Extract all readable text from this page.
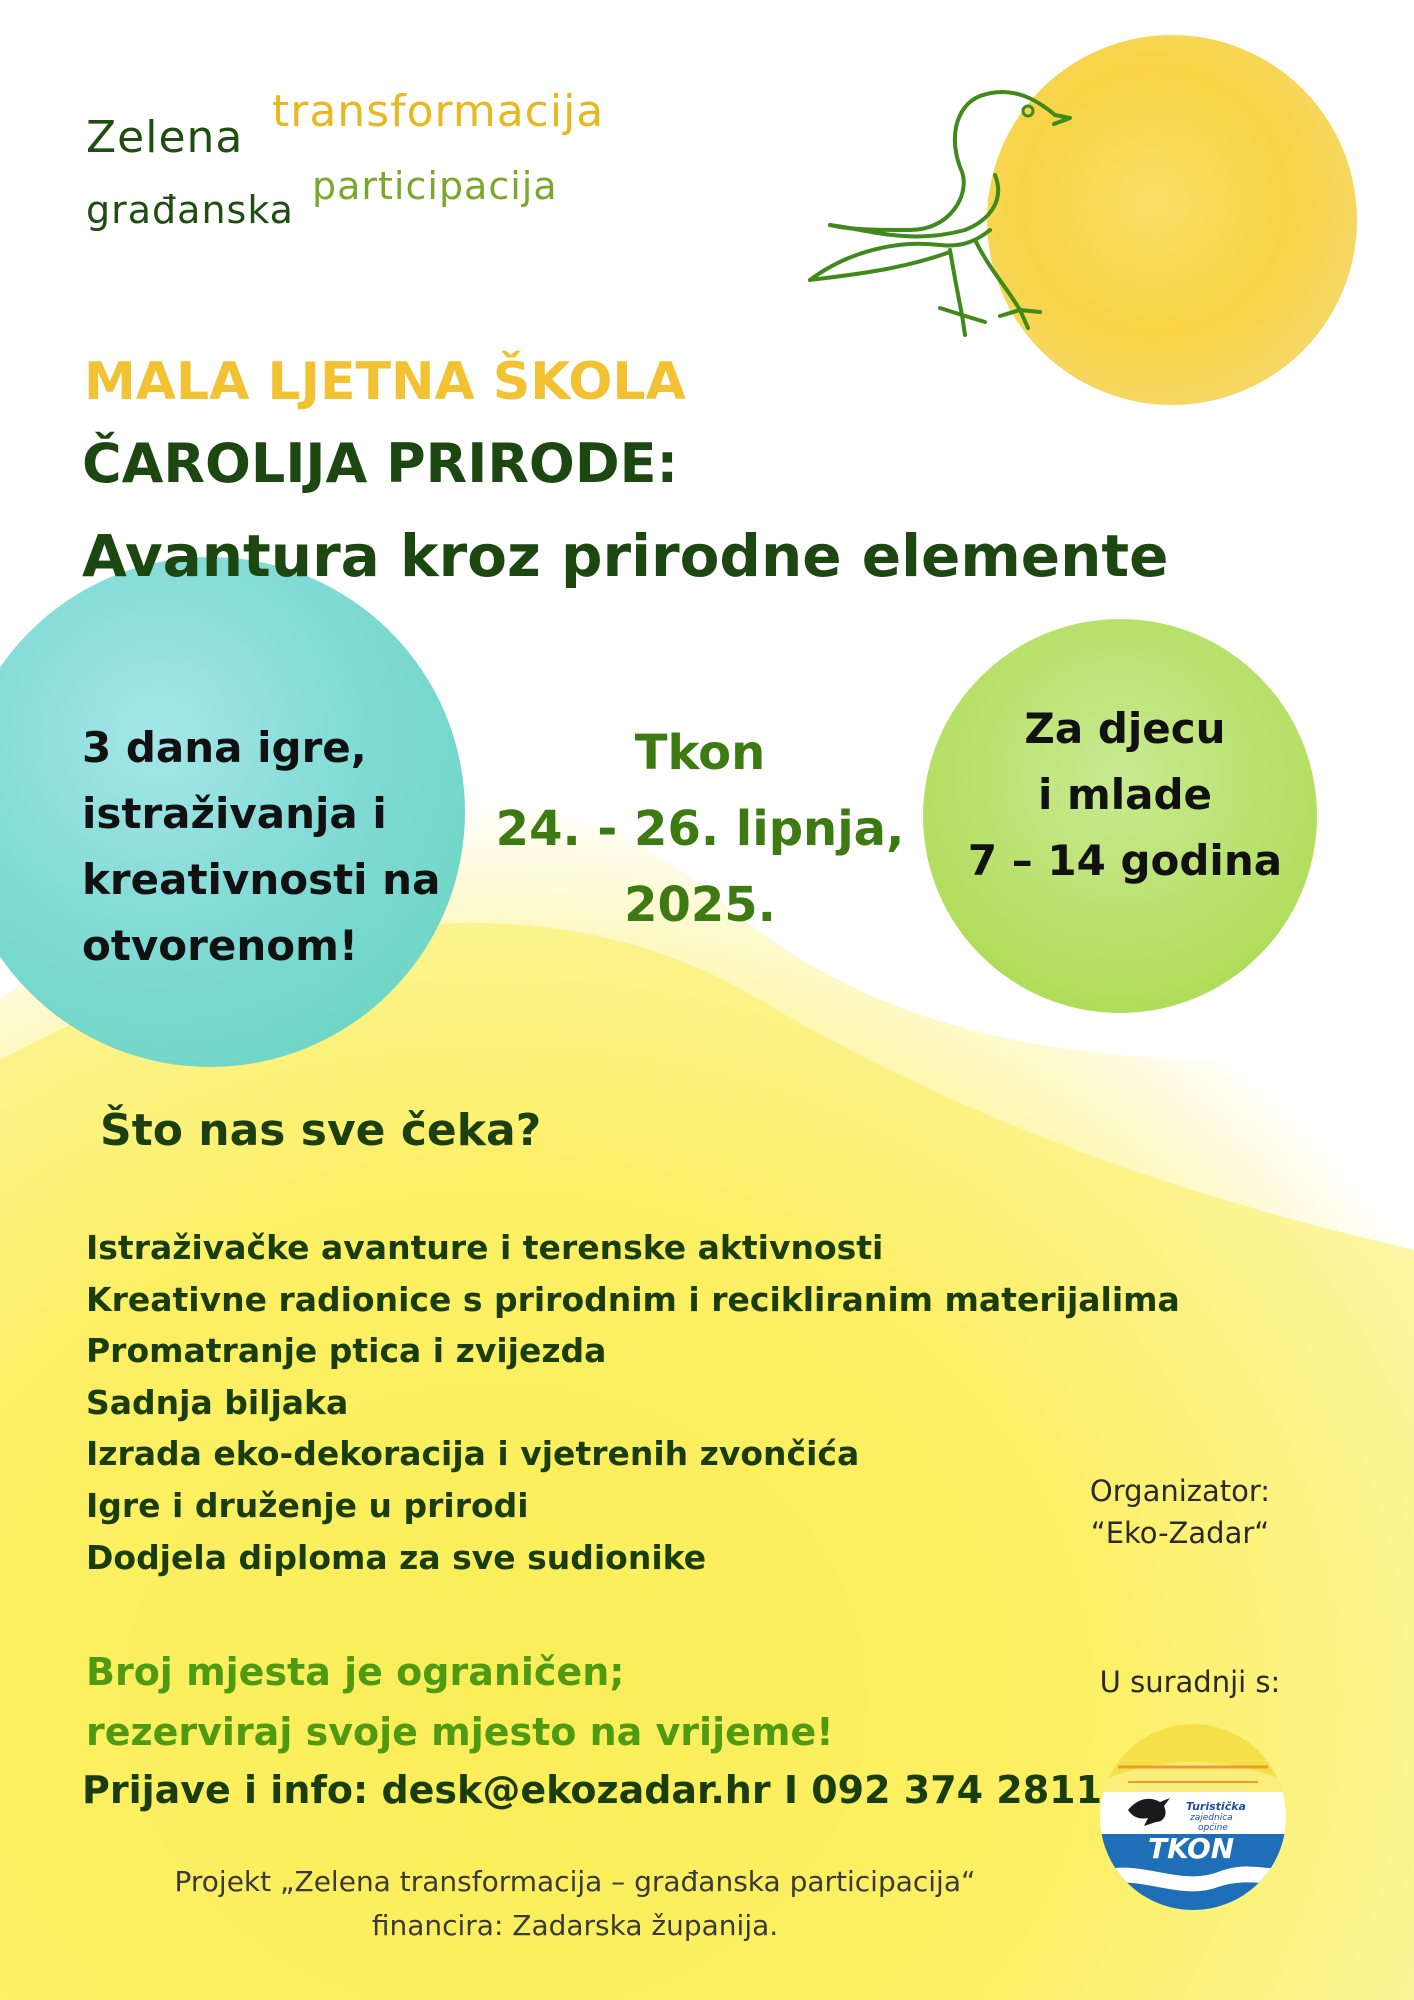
Zelena
transformacija
građanska
participacija
MALA LJETNA ŠKOLA
ČAROLIJA PRIRODE:
Avantura kroz prirodne elemente
3 dana igre,
istraživanja i
kreativnosti na
otvorenom!
Tkon
24. - 26. lipnja,
2025.
Za djecu
i mlade
7 – 14 godina
Što nas sve čeka?
Istraživačke avanture i terenske aktivnosti
Kreativne radionice s prirodnim i recikliranim materijalima
Promatranje ptica i zvijezda
Sadnja biljaka
Izrada eko-dekoracija i vjetrenih zvončića
Igre i druženje u prirodi
Dodjela diploma za sve sudionike
Organizator:
“Eko-Zadar“
Broj mjesta je ograničen;
rezerviraj svoje mjesto na vrijeme!
Prijave i info: desk@ekozadar.hr I 092 374 2811
U suradnji s:
Turistička
zajednica
općine
TKON
Projekt „Zelena transformacija – građanska participacija“
financira: Zadarska županija.
